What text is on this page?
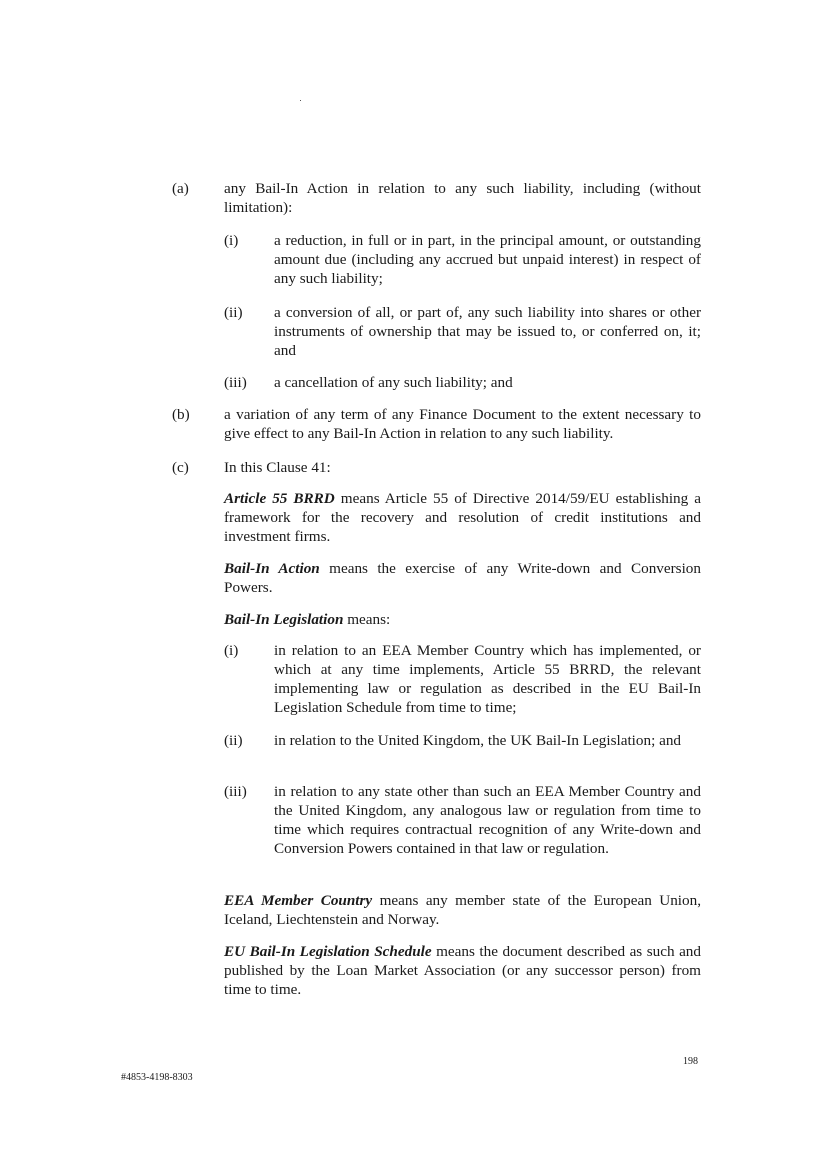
(a) any Bail-In Action in relation to any such liability, including (without limitation):
(i) a reduction, in full or in part, in the principal amount, or outstanding amount due (including any accrued but unpaid interest) in respect of any such liability;
(ii) a conversion of all, or part of, any such liability into shares or other instruments of ownership that may be issued to, or conferred on, it; and
(iii) a cancellation of any such liability; and
(b) a variation of any term of any Finance Document to the extent necessary to give effect to any Bail-In Action in relation to any such liability.
(c) In this Clause 41:
Article 55 BRRD means Article 55 of Directive 2014/59/EU establishing a framework for the recovery and resolution of credit institutions and investment firms.
Bail-In Action means the exercise of any Write-down and Conversion Powers.
Bail-In Legislation means:
(i) in relation to an EEA Member Country which has implemented, or which at any time implements, Article 55 BRRD, the relevant implementing law or regulation as described in the EU Bail-In Legislation Schedule from time to time;
(ii) in relation to the United Kingdom, the UK Bail-In Legislation; and
(iii) in relation to any state other than such an EEA Member Country and the United Kingdom, any analogous law or regulation from time to time which requires contractual recognition of any Write-down and Conversion Powers contained in that law or regulation.
EEA Member Country means any member state of the European Union, Iceland, Liechtenstein and Norway.
EU Bail-In Legislation Schedule means the document described as such and published by the Loan Market Association (or any successor person) from time to time.
198
#4853-4198-8303
